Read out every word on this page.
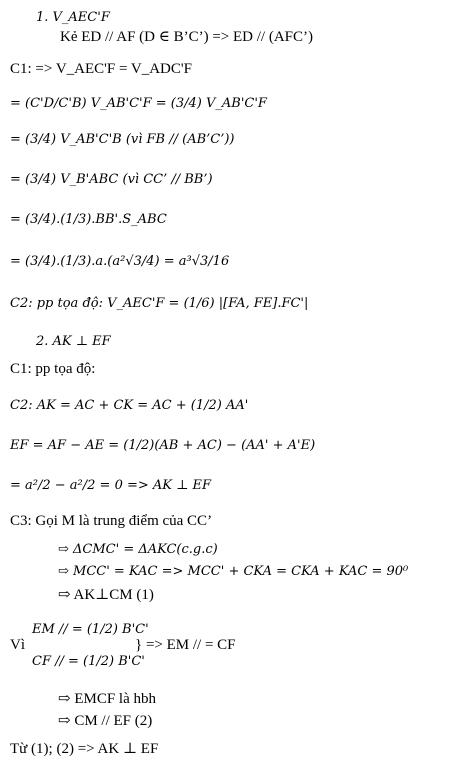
1. V_AEC'F
Kẻ ED // AF (D ∈ B’C’) => ED // (AFC’)
C1: => V_AEC'F = V_ADC'F
= (C'D/C'B) V_AB'C'F = (3/4) V_AB'C'F
= (3/4) V_AB'C'B (vì FB // (AB’C’))
= (3/4) V_B'ABC (vì CC’ // BB’)
= (3/4).(1/3).BB'.S_ABC
= (3/4).(1/3).a.(a²√3/4) = a³√3/16
C2: pp tọa độ: V_AEC'F = (1/6) |[FA, FE].FC'|
2. AK ⊥ EF
C1: pp tọa độ:
C2: AK = AC + CK = AC + (1/2) AA'
EF = AF − AE = (1/2)(AB + AC) − (AA' + A'E)
= a²/2 − a²/2 = 0 => AK ⊥ EF
C3: Gọi M là trung điểm của CC’
⇨ ΔCMC' = ΔAKC(c.g.c)
⇨ MCC' = KAC => MCC' + CKA = CKA + KAC = 90⁰
⇨ AK⊥CM (1)
EM // = (1/2) B'C'
Vì	} => EM // = CF
CF // = (1/2) B'C'
⇨ EMCF là hbh
⇨ CM // EF (2)
Từ (1); (2) => AK ⊥ EF
